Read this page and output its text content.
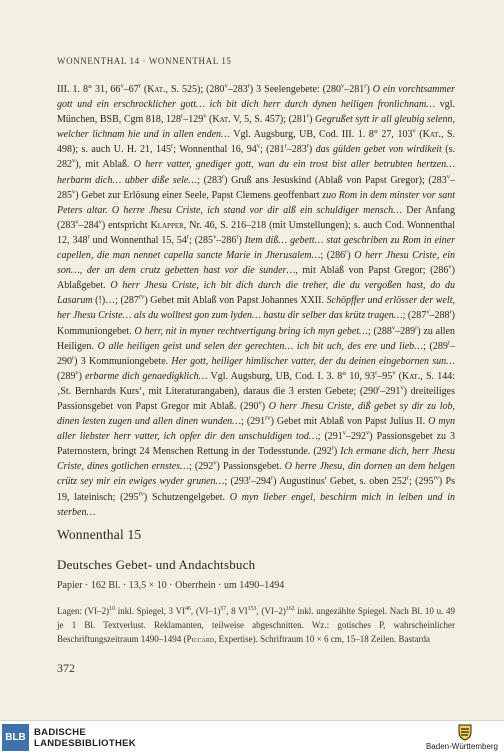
WONNENTHAL 14 · WONNENTHAL 15

III. 1. 8° 31, 66$^v$–67$^r$ (Kat., S. 525); (280$^v$–283$^r$) 3 Seelengebete: (280$^v$–281$^r$) O ein vorchtsammer gott und ein erschrocklicher gott… ich bit dich herr durch dynen heiligen fronlichnam… vgl. München, BSB, Cgm 818, 128$^r$–129$^v$ (Kat. V, 5, S. 457); (281$^r$) Gegrußet sytt ir all gleubig selenn, welcher lichnam hie und in allen enden… Vgl. Augsburg, UB, Cod. III. 1. 8° 27, 103$^v$ (Kat., S. 498); s. auch U. H. 21, 145$^r$; Wonnenthal 16, 94$^v$; (281$^r$–283$^r$) das gülden gebet von wirdikeit (s. 282$^v$), mit Ablaß. O herr vatter, gnediger gott, wan du ein trost bist aller betrubten hertzen… herbarm dich… ubber diße sele…; (283$^r$) Gruß ans Jesuskind (Ablaß von Papst Gregor); (283$^v$–285$^v$) Gebet zur Erlösung einer Seele, Papst Clemens geoffenbart zuo Rom in dem minster vor sant Peters altar. O herre Jhesu Criste, ich stand vor dir alß ein schuldiger mensch… Der Anfang (283$^v$–284$^v$) entspricht Klapper, Nr. 46, S. 216–218 (mit Umstellungen); s. auch Cod. Wonnenthal 12, 348$^r$ und Wonnenthal 15, 54$^r$; (285$^v$–286$^r$) Item diß… gebett… stat geschriben zu Rom in einer capellen, die man nennet capella sancte Marie in Jherusalem…; (286$^r$) O herr Jhesu Criste, ein son…, der an dem crutz gebetten hast vor die sunder…, mit Ablaß von Papst Gregor; (286$^v$) Ablaßgebet. O herr Jhesu Criste, ich bit dich durch die treher, die du vergoßen hast, do du Lasarum (!)…; $(287^{rv})$ Gebet mit Ablaß von Papst Johannes XXII. Schöpffer und erlösser der welt, her Jhesu Criste… als du wolltest gon zum lyden… hastu dir selber das krütz tragen…; (287$^v$–288$^r$) Kommuniongebet. O herr, nit in myner rechtvertigung bring ich myn gebet…; (288$^v$–289$^r$) zu allen Heiligen. O alle heiligen geist und selen der gerechten… ich bit uch, des ere und lieb…; (289$^r$–290$^r$) 3 Kommuniongebete. Her gott, heiliger himlischer vatter, der du deinen eingebornen sun… (289$^v$) erbarme dich genaedigklich… Vgl. Augsburg, UB, Cod. I. 3. 8° 10, 93$^r$–95$^v$ (Kat., S. 144: ‚St. Bernhards Kurs‘, mit Literaturangaben), daraus die 3 ersten Gebete; (290$^r$–291$^v$) dreiteiliges Passionsgebet von Papst Gregor mit Ablaß. (290$^v$) O herr Jhesu Criste, diß gebet sy dir zu lob, dinen lesten zugen und allen dinen wunden…; $(291^{rv})$ Gebet mit Ablaß von Papst Julius II. O myn aller liebster herr vatter, ich opfer dir den unschuldigen tod…; (291$^v$–292$^v$) Passionsgebet zu 3 Paternostern, bringt 24 Menschen Rettung in der Todesstunde. (292$^r$) Ich ermane dich, herr Jhesu Criste, dines gotlichen ernstes…; (292$^v$) Passionsgebet. O herre Jhesu, din dornen an dem helgen crütz sey mir ein ewiges wyder grunen…; (293$^r$–294$^r$) Augustinus' Gebet, s. oben 252$^r$; $(295^{rv})$ Ps 19, lateinisch; $(295^{rv})$ Schutzengelgebet. O myn lieber engel, beschirm mich in leiben und in sterben…

Wonnenthal 15
Deutsches Gebet- und Andachtsbuch
Papier · 162 Bl. · 13,5 × 10 · Oberrhein · um 1490–1494
Lagen: $(VI-2)^{10}$ inkl. Spiegel, 3 VI$^{46}$, $(VI-1)^{57}$, 8 VI$^{153}$, $(VI-2)^{162}$ inkl. ungezählte Spiegel. Nach Bl. 10 u. 49 je 1 Bl. Textverlust. Reklamanten, teilweise abgeschnitten. Wz.: gotisches P, wahrscheinlicher Beschriftungszeitraum 1490–1494 (Piccard, Expertise). Schriftraum 10 × 6 cm, 15–18 Zeilen. Bastarda
372
BLB BADISCHE
LANDESBIBLIOTHEK	Baden-Württemberg
